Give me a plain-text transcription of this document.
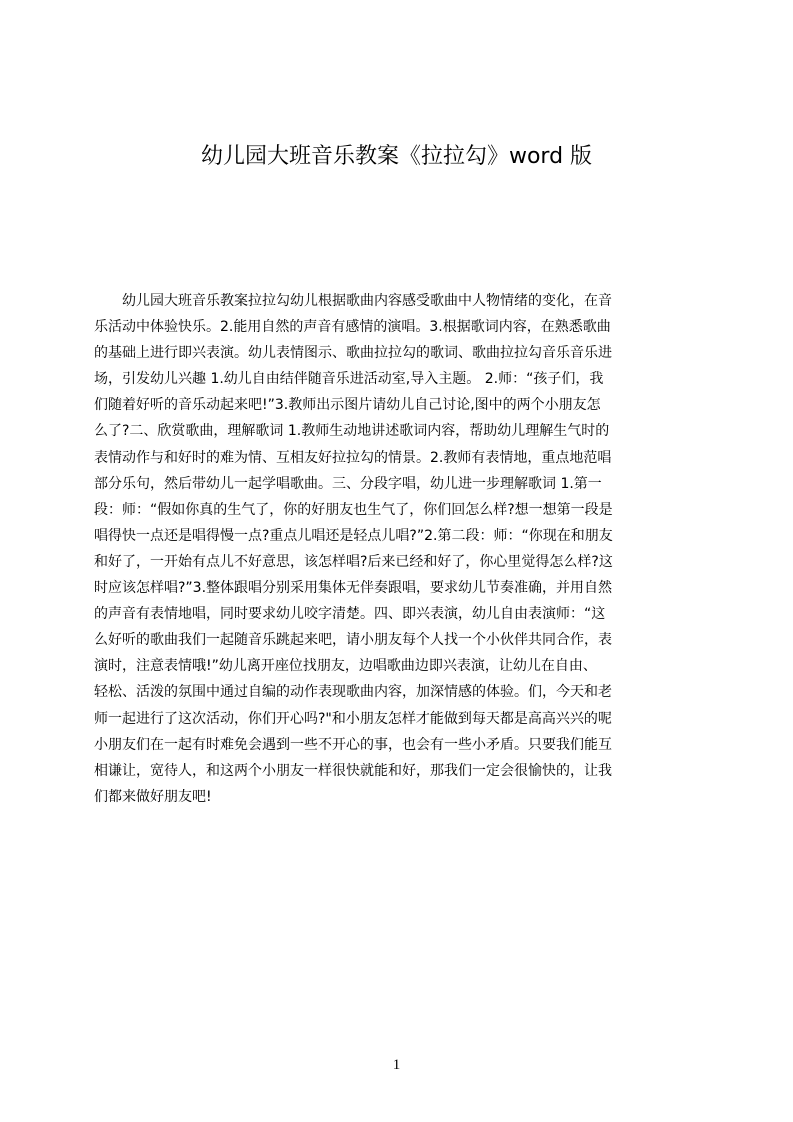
幼儿园大班音乐教案《拉拉勾》word 版
幼儿园大班音乐教案拉拉勾幼儿根据歌曲内容感受歌曲中人物情绪的变化，在音
乐活动中体验快乐。2.能用自然的声音有感情的演唱。3.根据歌词内容，在熟悉歌曲
的基础上进行即兴表演。幼儿表情图示、歌曲拉拉勾的歌词、歌曲拉拉勾音乐音乐进
场，引发幼儿兴趣 1.幼儿自由结伴随音乐进活动室,导入主题。 2.师：“孩子们，我
们随着好听的音乐动起来吧!”3.教师出示图片请幼儿自己讨论,图中的两个小朋友怎
么了?二、欣赏歌曲，理解歌词 1.教师生动地讲述歌词内容，帮助幼儿理解生气时的
表情动作与和好时的难为情、互相友好拉拉勾的情景。2.教师有表情地，重点地范唱
部分乐句，然后带幼儿一起学唱歌曲。三、分段字唱，幼儿进一步理解歌词 1.第一
段：师：“假如你真的生气了，你的好朋友也生气了，你们回怎么样?想一想第一段是
唱得快一点还是唱得慢一点?重点儿唱还是轻点儿唱?”2.第二段：师：“你现在和朋友
和好了，一开始有点儿不好意思，该怎样唱?后来已经和好了，你心里觉得怎么样?这
时应该怎样唱?”3.整体跟唱分别采用集体无伴奏跟唱，要求幼儿节奏准确，并用自然
的声音有表情地唱，同时要求幼儿咬字清楚。四、即兴表演，幼儿自由表演师：“这
么好听的歌曲我们一起随音乐跳起来吧，请小朋友每个人找一个小伙伴共同合作，表
演时，注意表情哦!”幼儿离开座位找朋友，边唱歌曲边即兴表演，让幼儿在自由、
轻松、活泼的氛围中通过自编的动作表现歌曲内容，加深情感的体验。们，今天和老
师一起进行了这次活动，你们开心吗?"和小朋友怎样才能做到每天都是高高兴兴的呢
小朋友们在一起有时难免会遇到一些不开心的事，也会有一些小矛盾。只要我们能互
相谦让，宽待人，和这两个小朋友一样很快就能和好，那我们一定会很愉快的，让我
们都来做好朋友吧!
1
